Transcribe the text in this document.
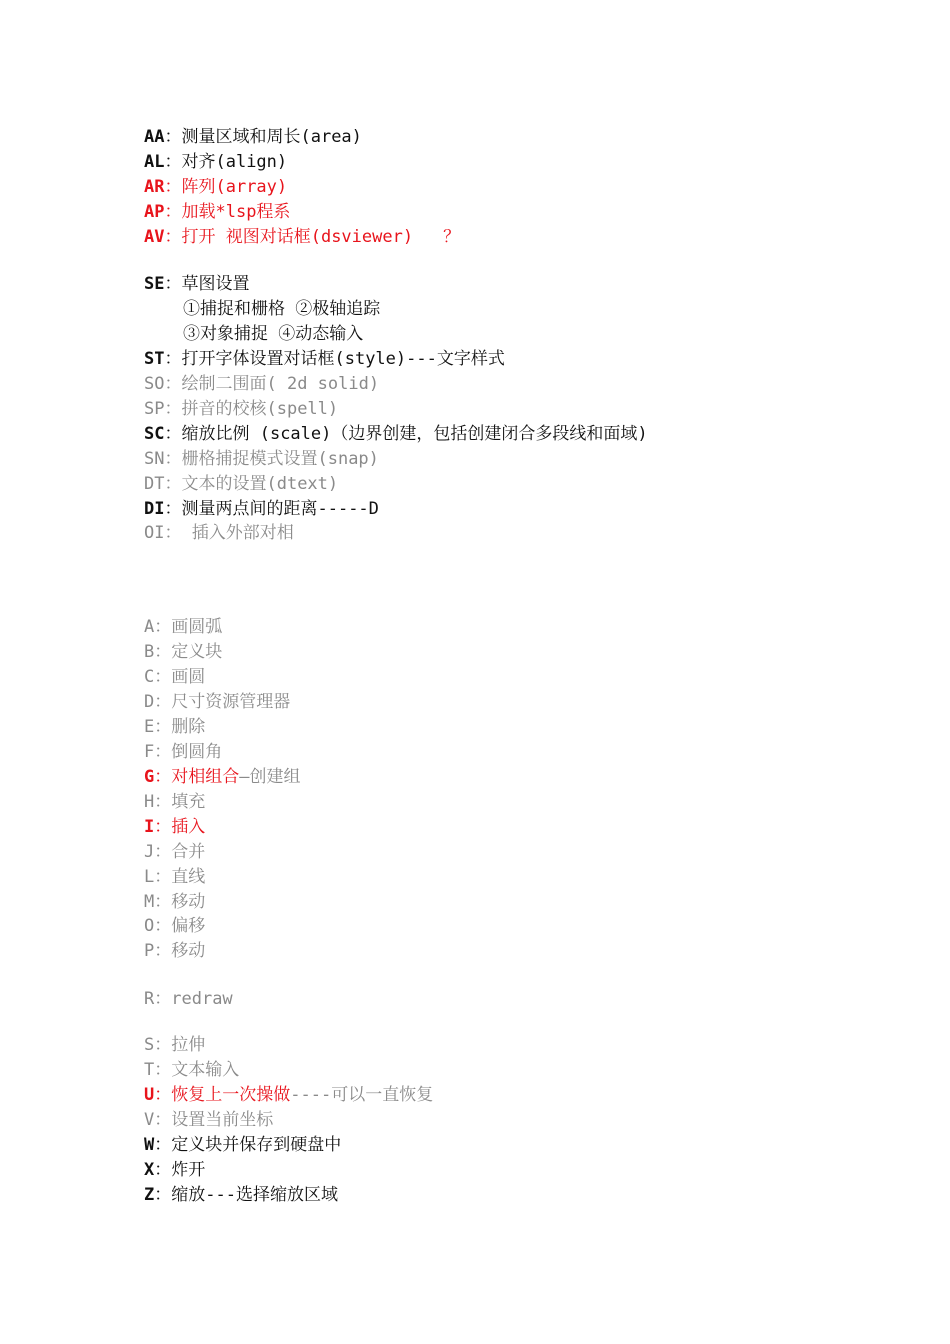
AA：测量区域和周长(area)
AL：对齐(align)
AR：阵列(array)
AP：加载*lsp程系
AV：打开 视图对话框(dsviewer) ？
SE：草图设置
①捕捉和栅格 ②极轴追踪
③对象捕捉 ④动态输入
ST：打开字体设置对话框(style)---文字样式
SO：绘制二围面( 2d solid)
SP：拼音的校核(spell)
SC：缩放比例 (scale)（边界创建，包括创建闭合多段线和面域)
SN：栅格捕捉模式设置(snap)
DT：文本的设置(dtext)
DI：测量两点间的距离-----D
OI： 插入外部对相
A：画圆弧
B：定义块
C：画圆
D：尺寸资源管理器
E：删除
F：倒圆角
G：对相组合—创建组
H：填充
I：插入
J：合并
L：直线
M：移动
O：偏移
P：移动
R：redraw
S：拉伸
T：文本输入
U：恢复上一次操做----可以一直恢复
V：设置当前坐标
W：定义块并保存到硬盘中
X：炸开
Z：缩放---选择缩放区域
